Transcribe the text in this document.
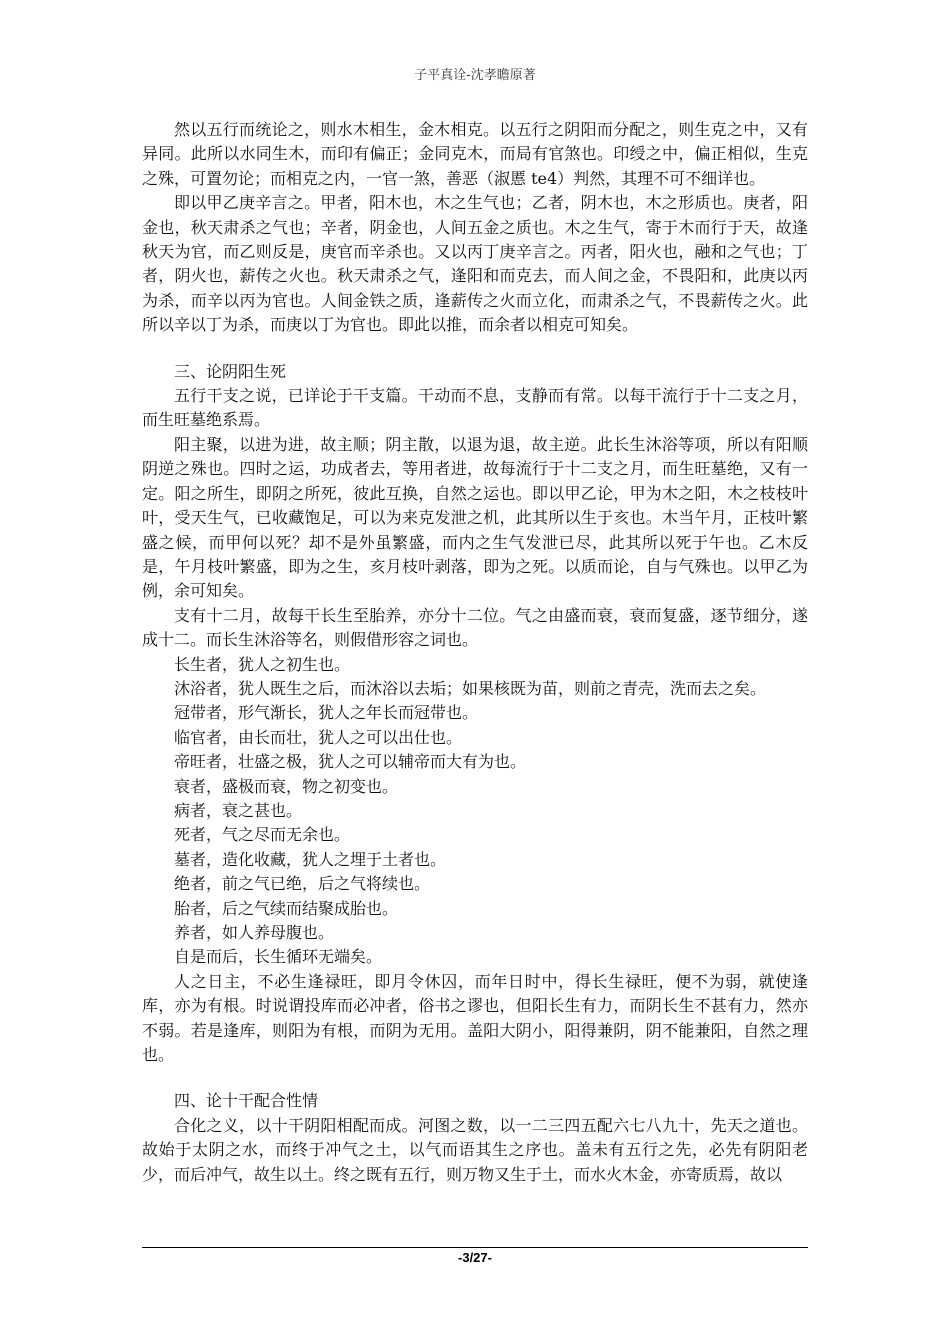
子平真诠-沈孝瞻原著

然以五行而统论之，则水木相生，金木相克。以五行之阴阳而分配之，则生克之中，又有异同。此所以水同生木，而印有偏正；金同克木，而局有官煞也。印绶之中，偏正相似，生克之殊，可置勿论；而相克之内，一官一煞，善恶（淑慝 te4）判然，其理不可不细详也。

即以甲乙庚辛言之。甲者，阳木也，木之生气也；乙者，阴木也，木之形质也。庚者，阳金也，秋天肃杀之气也；辛者，阴金也，人间五金之质也。木之生气，寄于木而行于天，故逢秋天为官，而乙则反是，庚官而辛杀也。又以丙丁庚辛言之。丙者，阳火也，融和之气也；丁者，阴火也，薪传之火也。秋天肃杀之气，逢阳和而克去，而人间之金，不畏阳和，此庚以丙为杀，而辛以丙为官也。人间金铁之质，逢薪传之火而立化，而肃杀之气，不畏薪传之火。此所以辛以丁为杀，而庚以丁为官也。即此以推，而余者以相克可知矣。

三、论阴阳生死

五行干支之说，已详论于干支篇。干动而不息，支静而有常。以每干流行于十二支之月，而生旺墓绝系焉。

阳主聚，以进为进，故主顺；阴主散，以退为退，故主逆。此长生沐浴等项，所以有阳顺阴逆之殊也。四时之运，功成者去，等用者进，故每流行于十二支之月，而生旺墓绝，又有一定。阳之所生，即阴之所死，彼此互换，自然之运也。即以甲乙论，甲为木之阳，木之枝枝叶叶，受天生气，已收藏饱足，可以为来克发泄之机，此其所以生于亥也。木当午月，正枝叶繁盛之候，而甲何以死？却不是外虽繁盛，而内之生气发泄已尽，此其所以死于午也。乙木反是，午月枝叶繁盛，即为之生，亥月枝叶剥落，即为之死。以质而论，自与气殊也。以甲乙为例，余可知矣。

支有十二月，故每干长生至胎养，亦分十二位。气之由盛而衰，衰而复盛，逐节细分，遂成十二。而长生沐浴等名，则假借形容之词也。

长生者，犹人之初生也。

沐浴者，犹人既生之后，而沐浴以去垢；如果核既为苗，则前之青壳，洗而去之矣。

冠带者，形气渐长，犹人之年长而冠带也。

临官者，由长而壮，犹人之可以出仕也。

帝旺者，壮盛之极，犹人之可以辅帝而大有为也。

衰者，盛极而衰，物之初变也。

病者，衰之甚也。

死者，气之尽而无余也。

墓者，造化收藏，犹人之埋于土者也。

绝者，前之气已绝，后之气将续也。

胎者，后之气续而结聚成胎也。

养者，如人养母腹也。

自是而后，长生循环无端矣。

人之日主，不必生逢禄旺，即月令休囚，而年日时中，得长生禄旺，便不为弱，就使逢库，亦为有根。时说谓投库而必冲者，俗书之谬也，但阳长生有力，而阴长生不甚有力，然亦不弱。若是逢库，则阳为有根，而阴为无用。盖阳大阴小，阳得兼阴，阴不能兼阳，自然之理也。

四、论十干配合性情

合化之义，以十干阴阳相配而成。河图之数，以一二三四五配六七八九十，先天之道也。故始于太阴之水，而终于冲气之土，以气而语其生之序也。盖未有五行之先，必先有阴阳老少，而后冲气，故生以土。终之既有五行，则万物又生于土，而水火木金，亦寄质焉，故以

-3/27-
